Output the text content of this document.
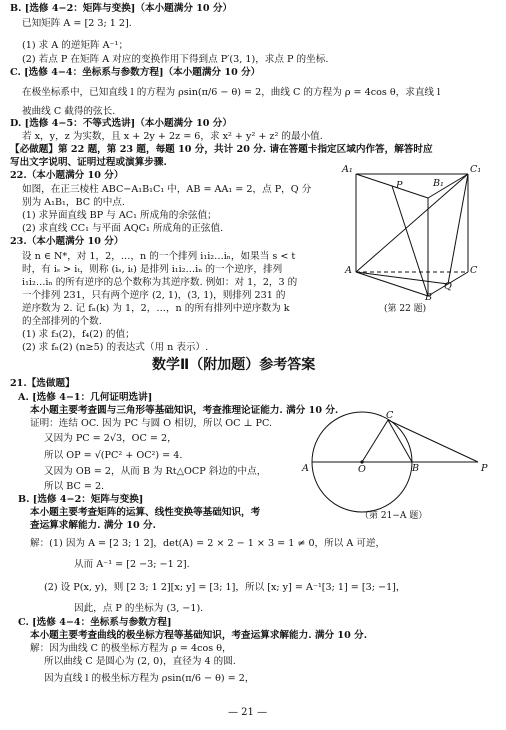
B. [选修 4−2：矩阵与变换]（本小题满分 10 分）
已知矩阵 A = [2 3; 1 2].
(1) 求 A 的逆矩阵 A⁻¹；
(2) 若点 P 在矩阵 A 对应的变换作用下得到点 P′(3, 1)，求点 P 的坐标.
C. [选修 4−4：坐标系与参数方程]（本小题满分 10 分）
在极坐标系中，已知直线 l 的方程为 ρsin(π/6 − θ) = 2，曲线 C 的方程为 ρ = 4cos θ，求直线 l
被曲线 C 截得的弦长.
D. [选修 4−5：不等式选讲]（本小题满分 10 分）
若 x，y，z 为实数，且 x + 2y + 2z = 6，求 x² + y² + z² 的最小值.
【必做题】第 22 题，第 23 题，每题 10 分，共计 20 分. 请在答题卡指定区域内作答，解答时应
写出文字说明、证明过程或演算步骤.
22.（本小题满分 10 分）
如图，在正三棱柱 ABC−A₁B₁C₁ 中，AB = AA₁ = 2，点 P，Q 分
别为 A₁B₁，BC 的中点.
(1) 求异面直线 BP 与 AC₁ 所成角的余弦值；
(2) 求直线 CC₁ 与平面 AQC₁ 所成角的正弦值.
23.（本小题满分 10 分）
设 n ∈ N*，对 1，2，…，n 的一个排列 i₁i₂…iₙ，如果当 s < t
时，有 iₛ > iₜ，则称 (iₛ, iₜ) 是排列 i₁i₂…iₙ 的一个逆序，排列
i₁i₂…iₙ 的所有逆序的总个数称为其逆序数. 例如：对 1，2，3 的
一个排列 231，只有两个逆序 (2, 1)，(3, 1)，则排列 231 的
逆序数为 2. 记 fₙ(k) 为 1，2，…，n 的所有排列中逆序数为 k
的全部排列的个数.
(1) 求 f₃(2)，f₄(2) 的值；
(2) 求 fₙ(2) (n≥5) 的表达式（用 n 表示）.
A₁
P	B₁
C₁
A	C
Q
B
(第 22 题)
数学Ⅱ（附加题）参考答案
21.【选做题】
A. [选修 4−1：几何证明选讲]
本小题主要考查圆与三角形等基础知识，考查推理论证能力. 满分 10 分.
证明：连结 OC. 因为 PC 与圆 O 相切，所以 OC ⊥ PC.
又因为 PC = 2√3，OC = 2，
所以 OP = √(PC² + OC²) = 4.
又因为 OB = 2，从而 B 为 Rt△OCP 斜边的中点，
所以 BC = 2.
C
A	O	B	P
（第 21−A 题）
B. [选修 4−2：矩阵与变换]
本小题主要考查矩阵的运算、线性变换等基础知识，考
查运算求解能力. 满分 10 分.
解：(1) 因为 A = [2 3; 1 2]，det(A) = 2 × 2 − 1 × 3 = 1 ≠ 0，所以 A 可逆，
从而 A⁻¹ = [2 −3; −1 2].
(2) 设 P(x, y)，则 [2 3; 1 2][x; y] = [3; 1]，所以 [x; y] = A⁻¹[3; 1] = [3; −1]，
因此，点 P 的坐标为 (3, −1).
C. [选修 4−4：坐标系与参数方程]
本小题主要考查曲线的极坐标方程等基础知识，考查运算求解能力. 满分 10 分.
解：因为曲线 C 的极坐标方程为 ρ = 4cos θ，
所以曲线 C 是圆心为 (2, 0)，直径为 4 的圆.
因为直线 l 的极坐标方程为 ρsin(π/6 − θ) = 2，
— 21 —
